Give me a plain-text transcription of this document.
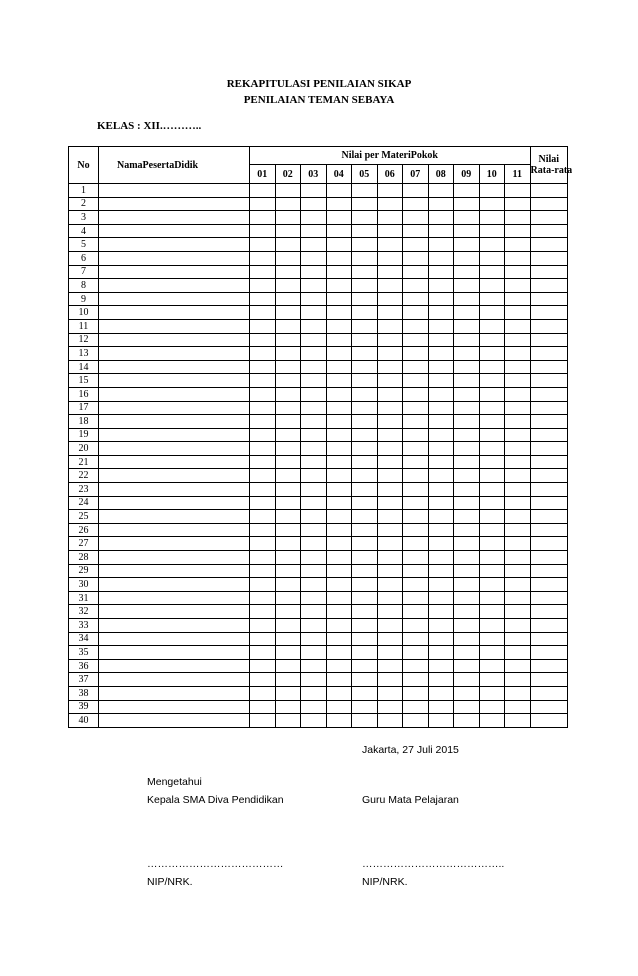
REKAPITULASI PENILAIAN SIKAP
PENILAIAN TEMAN SEBAYA
KELAS : XII.………..
No	NamaPesertaDidik	Nilai per MateriPokok											Nilai
Rata-rata

		01	02	03	04	05	06	07	08	09	10	11	
1													
2													
3													
4													
5													
6													
7													
8													
9													
10													
11													
12													
13													
14													
15													
16													
17													
18													
19													
20													
21													
22													
23													
24													
25													
26													
27													
28													
29													
30													
31													
32													
33													
34													
35													
36													
37													
38													
39													
40													
Jakarta, 27 Juli 2015
Mengetahui
Kepala SMA Diva Pendidikan	Guru Mata Pelajaran
…………………………………	…………………………………..
NIP/NRK.	NIP/NRK.
